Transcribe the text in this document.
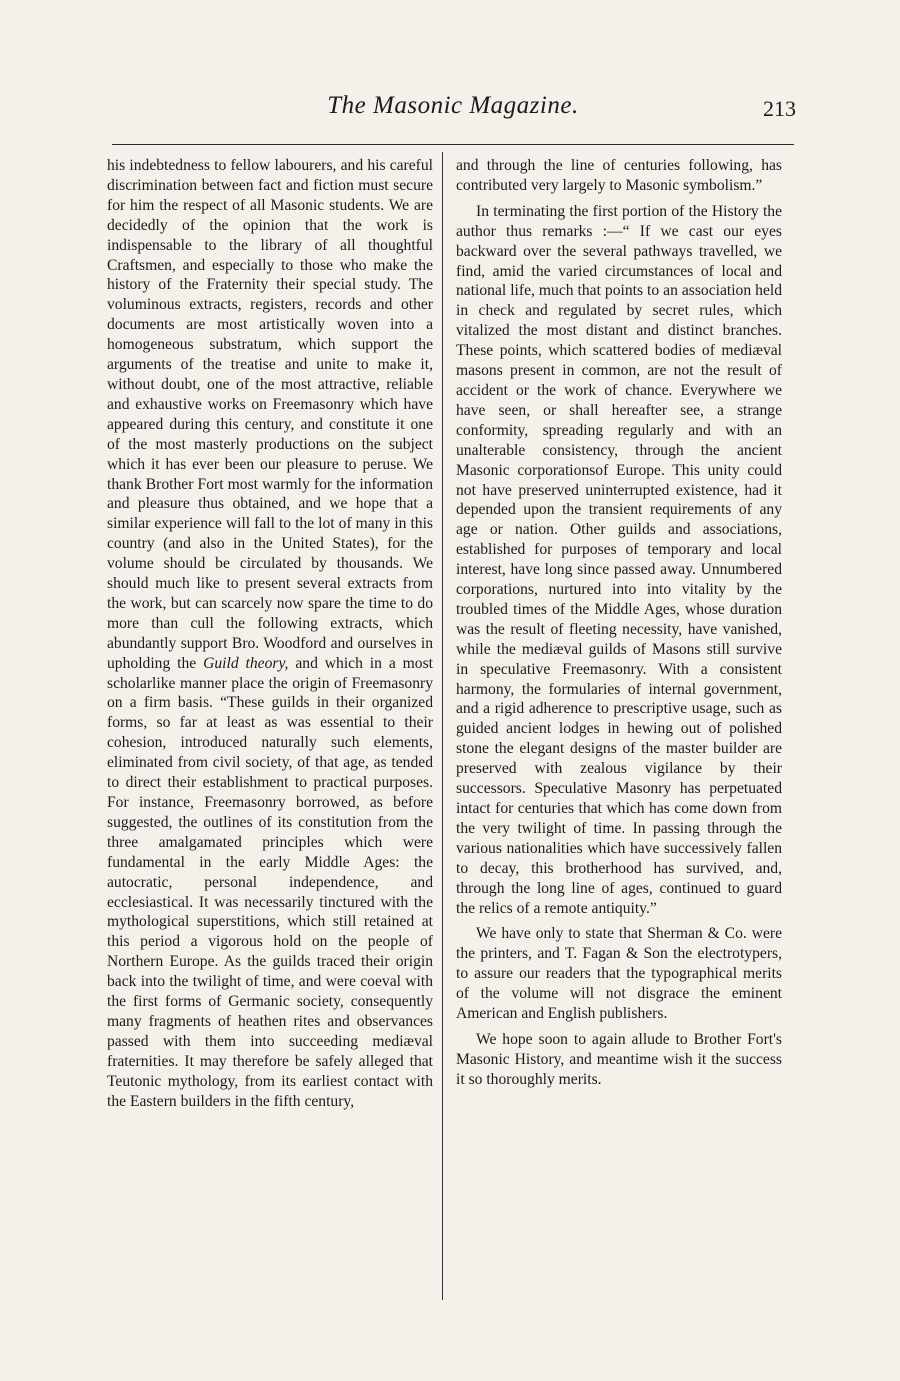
The Masonic Magazine.	213

his indebtedness to fellow labourers, and his careful discrimination between fact and fiction must secure for him the respect of all Masonic students. We are decidedly of the opinion that the work is indispensable to the library of all thoughtful Craftsmen, and especially to those who make the history of the Fraternity their special study. The voluminous extracts, registers, records and other documents are most artistically woven into a homogeneous substratum, which support the arguments of the treatise and unite to make it, without doubt, one of the most attractive, reliable and exhaustive works on Freemasonry which have appeared during this century, and constitute it one of the most masterly productions on the subject which it has ever been our pleasure to peruse. We thank Brother Fort most warmly for the information and pleasure thus obtained, and we hope that a similar experience will fall to the lot of many in this country (and also in the United States), for the volume should be circulated by thousands. We should much like to present several extracts from the work, but can scarcely now spare the time to do more than cull the following extracts, which abundantly support Bro. Woodford and ourselves in upholding the Guild theory, and which in a most scholarlike manner place the origin of Freemasonry on a firm basis. “These guilds in their organized forms, so far at least as was essential to their cohesion, introduced naturally such elements, eliminated from civil society, of that age, as tended to direct their establishment to practical purposes. For instance, Freemasonry borrowed, as before suggested, the outlines of its constitution from the three amalgamated principles which were fundamental in the early Middle Ages: the autocratic, personal independence, and ecclesiastical. It was necessarily tinctured with the mythological superstitions, which still retained at this period a vigorous hold on the people of Northern Europe. As the guilds traced their origin back into the twilight of time, and were coeval with the first forms of Germanic society, consequently many fragments of heathen rites and observances passed with them into succeeding mediæval fraternities. It may therefore be safely alleged that Teutonic mythology, from its earliest contact with the Eastern builders in the fifth century,

and through the line of centuries following, has contributed very largely to Masonic symbolism.”

In terminating the first portion of the History the author thus remarks :—“ If we cast our eyes backward over the several pathways travelled, we find, amid the varied circumstances of local and national life, much that points to an association held in check and regulated by secret rules, which vitalized the most distant and distinct branches. These points, which scattered bodies of mediæval masons present in common, are not the result of accident or the work of chance. Everywhere we have seen, or shall hereafter see, a strange conformity, spreading regularly and with an unalterable consistency, through the ancient Masonic corporationsof Europe. This unity could not have preserved uninterrupted existence, had it depended upon the transient requirements of any age or nation. Other guilds and associations, established for purposes of temporary and local interest, have long since passed away. Unnumbered corporations, nurtured into into vitality by the troubled times of the Middle Ages, whose duration was the result of fleeting necessity, have vanished, while the mediæval guilds of Masons still survive in speculative Freemasonry. With a consistent harmony, the formularies of internal government, and a rigid adherence to prescriptive usage, such as guided ancient lodges in hewing out of polished stone the elegant designs of the master builder are preserved with zealous vigilance by their successors. Speculative Masonry has perpetuated intact for centuries that which has come down from the very twilight of time. In passing through the various nationalities which have successively fallen to decay, this brotherhood has survived, and, through the long line of ages, continued to guard the relics of a remote antiquity.”

We have only to state that Sherman & Co. were the printers, and T. Fagan & Son the electrotypers, to assure our readers that the typographical merits of the volume will not disgrace the eminent American and English publishers.

We hope soon to again allude to Brother Fort's Masonic History, and meantime wish it the success it so thoroughly merits.
